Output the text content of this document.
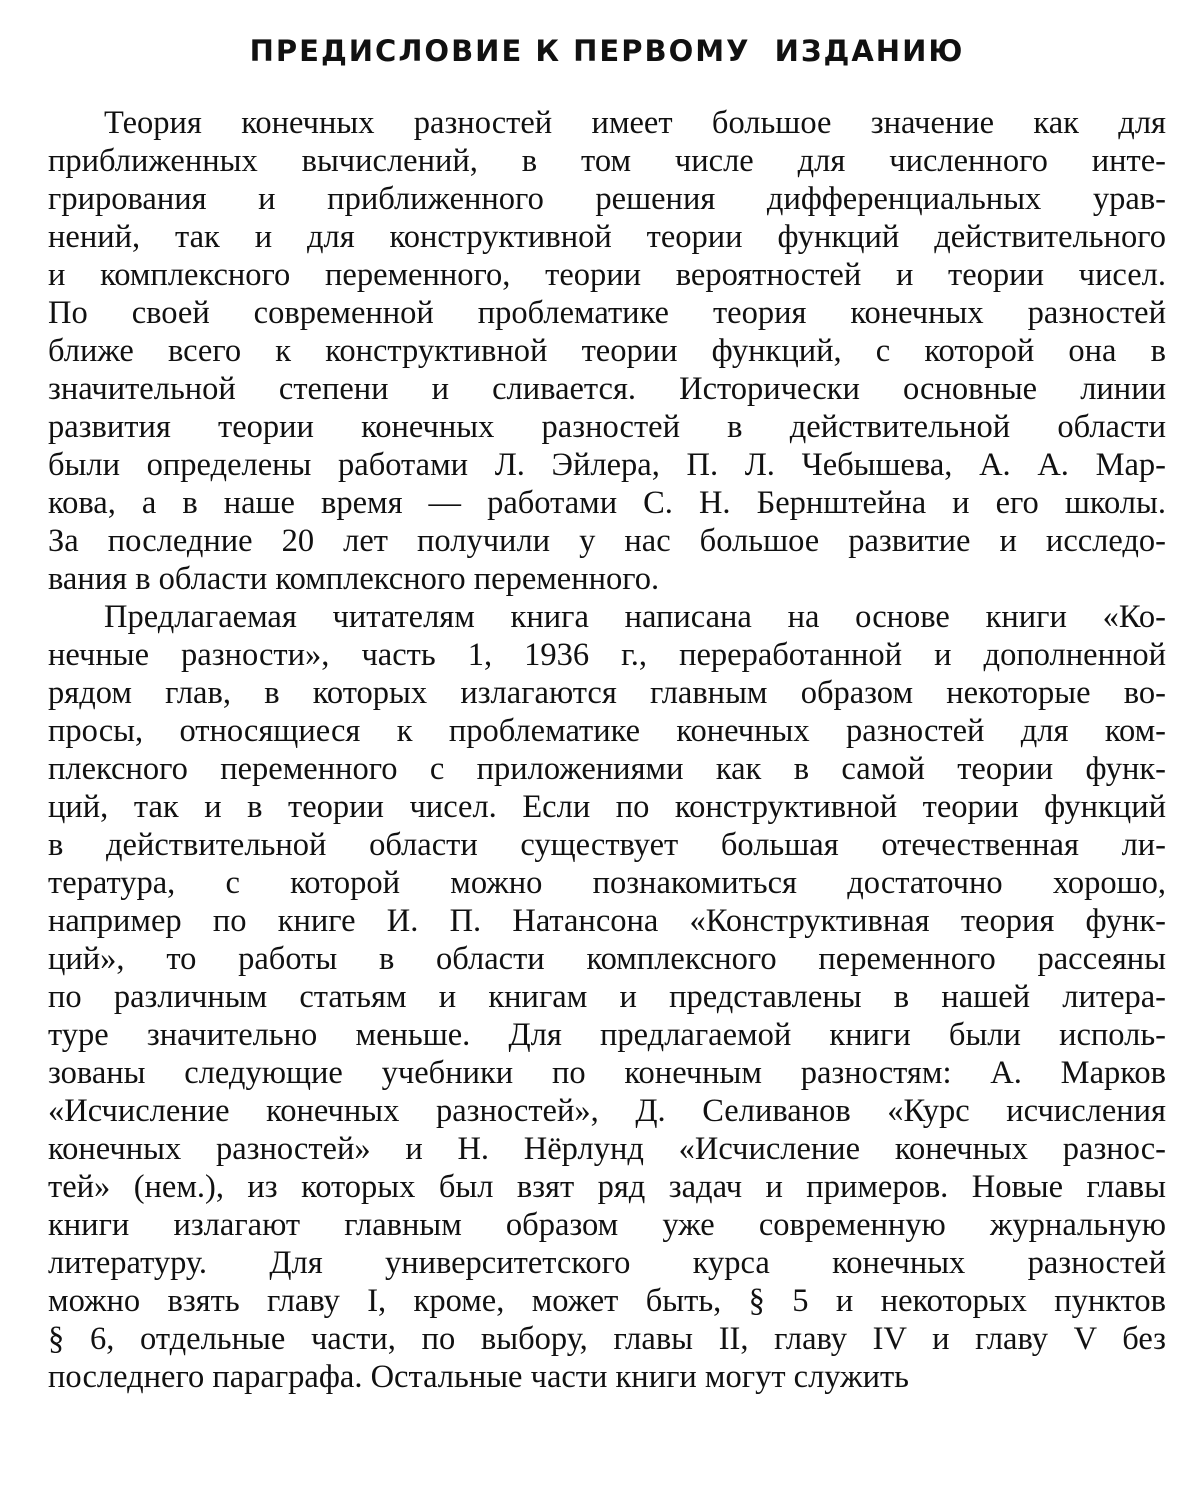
ПРЕДИСЛОВИЕ К ПЕРВОМУ  ИЗДАНИЮ
Теория конечных разностей имеет большое значение как для
приближенных вычислений, в том числе для численного инте-
грирования и приближенного решения дифференциальных урав-
нений, так и для конструктивной теории функций действительного
и комплексного переменного, теории вероятностей и теории чисел.
По своей современной проблематике теория конечных разностей
ближе всего к конструктивной теории функций, с которой она в
значительной степени и сливается. Исторически основные линии
развития теории конечных разностей в действительной области
были определены работами Л. Эйлера, П. Л. Чебышева, А. А. Мар-
кова, а в наше время — работами С. Н. Бернштейна и его школы.
За последние 20 лет получили у нас большое развитие и исследо-
вания в области комплексного переменного.
Предлагаемая читателям книга написана на основе книги «Ко-
нечные разности», часть 1, 1936 г., переработанной и дополненной
рядом глав, в которых излагаются главным образом некоторые во-
просы, относящиеся к проблематике конечных разностей для ком-
плексного переменного с приложениями как в самой теории функ-
ций, так и в теории чисел. Если по конструктивной теории функций
в действительной области существует большая отечественная ли-
тература, с которой можно познакомиться достаточно хорошо,
например по книге И. П. Натансона «Конструктивная теория функ-
ций», то работы в области комплексного переменного рассеяны
по различным статьям и книгам и представлены в нашей литера-
туре значительно меньше. Для предлагаемой книги были исполь-
зованы следующие учебники по конечным разностям: А. Марков
«Исчисление конечных разностей», Д. Селиванов «Курс исчисления
конечных разностей» и Н. Нёрлунд «Исчисление конечных разнос-
тей» (нем.), из которых был взят ряд задач и примеров. Новые главы
книги излагают главным образом уже современную журнальную
литературу. Для университетского курса конечных разностей
можно взять главу I, кроме, может быть, § 5 и некоторых пунктов
§ 6, отдельные части, по выбору, главы II, главу IV и главу V без
последнего параграфа. Остальные части книги могут служить
